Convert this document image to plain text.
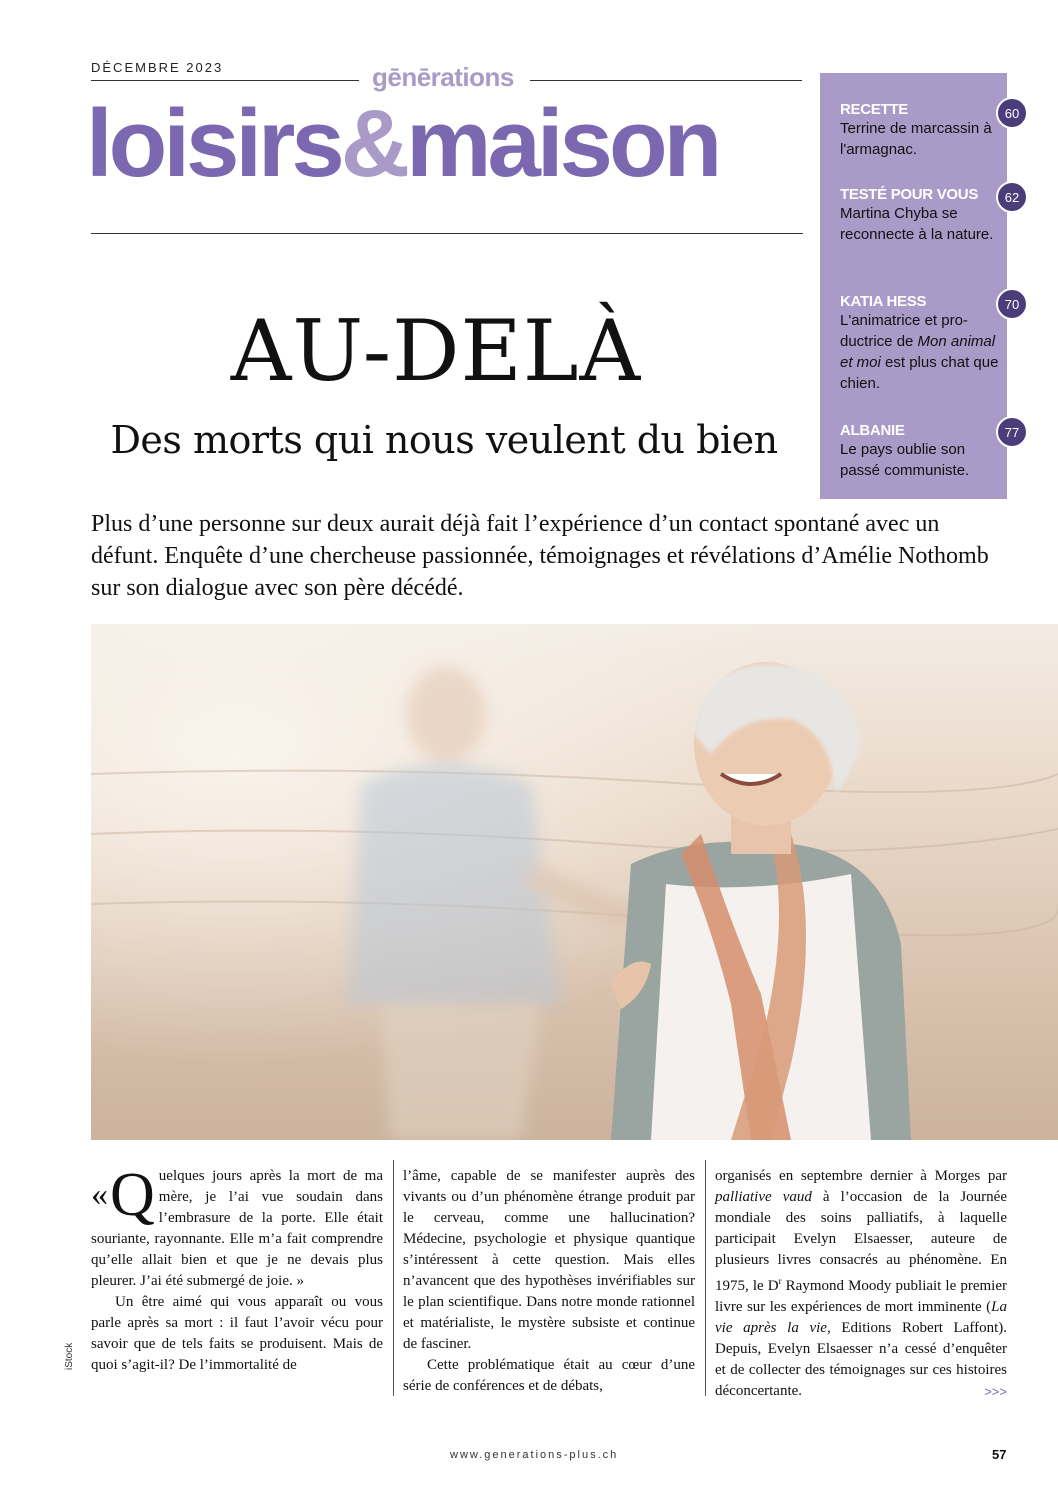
DÉCEMBRE 2023	gēnērations
loisirs&maison	RECETTE
Terrine de marcassin à l'armagnac.
60
TESTÉ POUR VOUS
Martina Chyba se reconnecte à la nature.
62
KATIA HESS
L'animatrice et pro-ductrice de Mon animal et moi est plus chat que chien.
70
ALBANIE
Le pays oublie son passé communiste.
77
AU-DELÀ
Des morts qui nous veulent du bien
Plus d’une personne sur deux aurait déjà fait l’expérience d’un contact spontané avec un défunt. Enquête d’une chercheuse passionnée, témoignages et révélations d’Amélie Nothomb sur son dialogue avec son père décédé.
iStock

« Q uelques jours après la mort de ma mère, je l’ai vue soudain dans l’embrasure de la porte. Elle était souriante, rayonnante. Elle m’a fait comprendre qu’elle allait bien et que je ne devais plus pleurer. J’ai été submergé de joie. »

Un être aimé qui vous apparaît ou vous parle après sa mort : il faut l’avoir vécu pour savoir que de tels faits se produisent. Mais de quoi s’agit-il? De l’immortalité de

l’âme, capable de se manifester auprès des vivants ou d’un phénomène étrange produit par le cerveau, comme une hallucination? Médecine, psychologie et physique quantique s’intéressent à cette question. Mais elles n’avancent que des hypothèses invérifiables sur le plan scientifique. Dans notre monde rationnel et matérialiste, le mystère subsiste et continue de fasciner.

Cette problématique était au cœur d’une série de conférences et de débats,

organisés en septembre dernier à Morges par palliative vaud à l’occasion de la Journée mondiale des soins palliatifs, à laquelle participait Evelyn Elsaesser, auteure de plusieurs livres consacrés au phénomène. En 1975, le $D^r$ Raymond Moody publiait le premier livre sur les expériences de mort imminente (La vie après la vie, Editions Robert Laffont). Depuis, Evelyn Elsaesser n’a cessé d’enquêter et de collecter des témoignages sur ces histoires déconcertante.	>>>

www.generations-plus.ch	57
